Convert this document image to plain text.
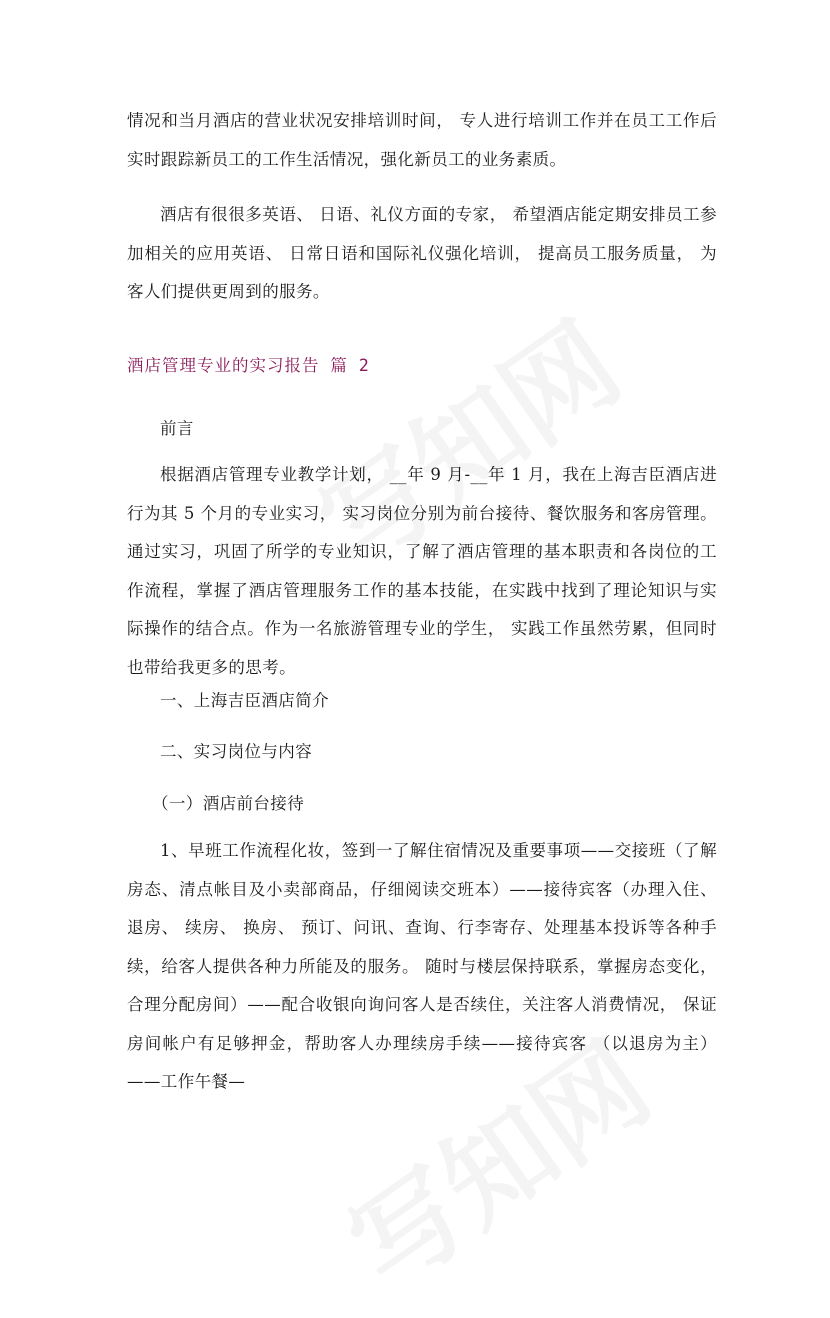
情况和当月酒店的营业状况安排培训时间， 专人进行培训工作并在员工工作后实时跟踪新员工的工作生活情况，强化新员工的业务素质。

酒店有很很多英语、 日语、礼仪方面的专家， 希望酒店能定期安排员工参加相关的应用英语、 日常日语和国际礼仪强化培训， 提高员工服务质量， 为客人们提供更周到的服务。

酒店管理专业的实习报告 篇 2
前言

根据酒店管理专业教学计划， __年 9 月-__年 1 月，我在上海吉臣酒店进行为其 5 个月的专业实习， 实习岗位分别为前台接待、餐饮服务和客房管理。通过实习，巩固了所学的专业知识，了解了酒店管理的基本职责和各岗位的工作流程，掌握了酒店管理服务工作的基本技能，在实践中找到了理论知识与实际操作的结合点。作为一名旅游管理专业的学生， 实践工作虽然劳累，但同时也带给我更多的思考。

一、上海吉臣酒店简介
二、实习岗位与内容
（一）酒店前台接待

1、早班工作流程化妆，签到一了解住宿情况及重要事项——交接班（了解房态、清点帐目及小卖部商品，仔细阅读交班本）——接待宾客（办理入住、退房、 续房、 换房、 预订、问讯、查询、行李寄存、处理基本投诉等各种手续，给客人提供各种力所能及的服务。 随时与楼层保持联系，掌握房态变化， 合理分配房间）——配合收银向询问客人是否续住，关注客人消费情况， 保证房间帐户有足够押金，帮助客人办理续房手续——接待宾客 （以退房为主） ——工作午餐—
